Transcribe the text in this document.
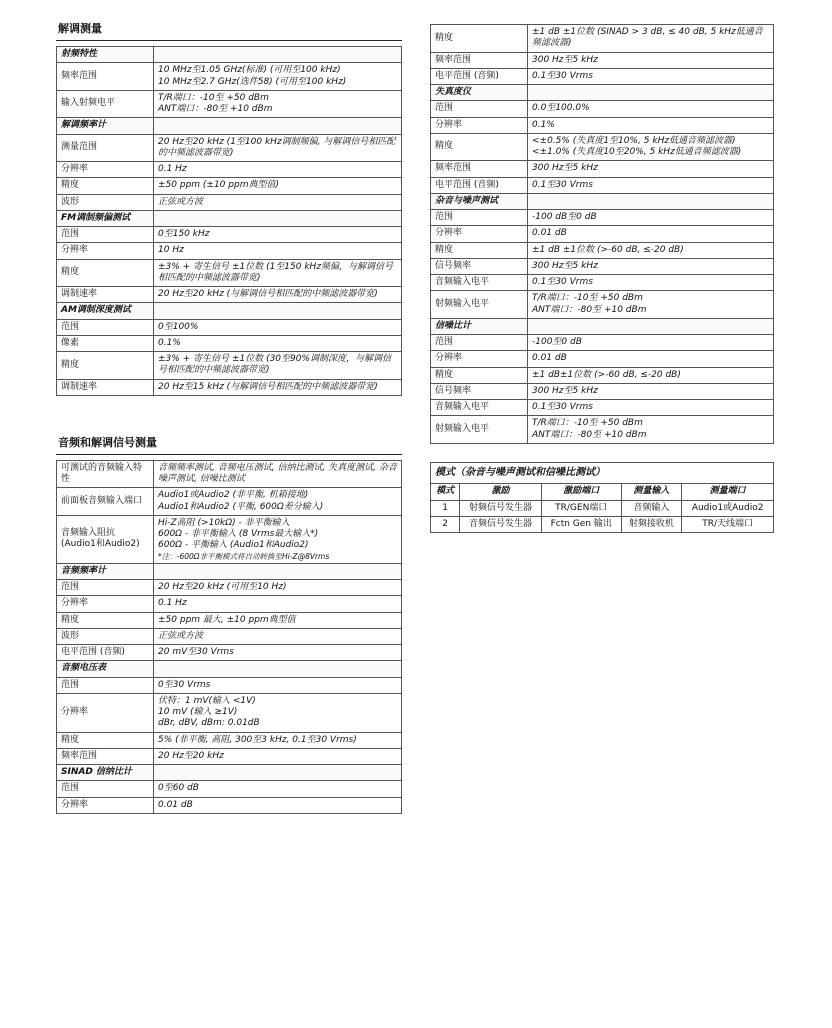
解调测量
射频特性	
频率范围	10 MHz至1.05 GHz(标准) (可用至100 kHz)
10 MHz至2.7 GHz(选件58) (可用至100 kHz)

输入射频电平	T/R端口：-10至 +50 dBm
ANT端口：-80至 +10 dBm

解调频率计	
测量范围	20 Hz至20 kHz (1至100 kHz调制频偏, 与解调信号相匹配的中频滤波器带宽)

分辨率	0.1 Hz

精度	±50 ppm (±10 ppm典型值)

波形	正弦或方波

FM调制频偏测试	
范围	0至150 kHz

分辨率	10 Hz

精度	±3% + 寄生信号 ±1位数 (1至150 kHz频偏，与解调信号相匹配的中频滤波器带宽)

调制速率	20 Hz至20 kHz (与解调信号相匹配的中频滤波器带宽)

AM调制深度测试	
范围	0至100%

像素	0.1%

精度	±3% + 寄生信号 ±1位数 (30至90%调制深度，与解调信号相匹配的中频滤波器带宽)

调制速率	20 Hz至15 kHz (与解调信号相匹配的中频滤波器带宽)
音频和解调信号测量
可测试的音频输入特性	音频频率测试, 音频电压测试, 信纳比测试, 失真度测试, 杂音噪声测试, 信噪比测试

前面板音频输入端口	Audio1或Audio2 (非平衡, 机箱接地)
Audio1和Audio2 (平衡, 600Ω差分输入)

音频输入阻抗 (Audio1和Audio2)	Hi-Z高阻 (>10kΩ) - 非平衡输入
600Ω - 非平衡输入 (8 Vrms最大输入*)
600Ω - 平衡输入 (Audio1和Audio2)
*注：-600Ω非平衡模式将自动转换至Hi-Z@8Vrms

音频频率计	
范围	20 Hz至20 kHz (可用至10 Hz)

分辨率	0.1 Hz

精度	±50 ppm 最大, ±10 ppm典型值

波形	正弦或方波

电平范围 (音频)	20 mV至30 Vrms

音频电压表	
范围	0至30 Vrms

分辨率	伏特：1 mV(输入 <1V)
10 mV (输入 ≥1V)
dBr, dBV, dBm: 0.01dB

精度	5% (非平衡, 高阻, 300至3 kHz, 0.1至30 Vrms)

频率范围	20 Hz至20 kHz

SINAD 信纳比计	
范围	0至60 dB

分辨率	0.01 dB
精度	±1 dB ±1位数 (SINAD > 3 dB, ≤ 40 dB, 5 kHz低通音频滤波器)

频率范围	300 Hz至5 kHz

电平范围 (音频)	0.1至30 Vrms

失真度仪	
范围	0.0至100.0%

分辨率	0.1%

精度	<±0.5% (失真度1至10%, 5 kHz低通音频滤波器)
<±1.0% (失真度10至20%, 5 kHz低通音频滤波器)

频率范围	300 Hz至5 kHz

电平范围 (音频)	0.1至30 Vrms

杂音与噪声测试	
范围	-100 dB至0 dB

分辨率	0.01 dB

精度	±1 dB ±1位数 (>-60 dB, ≤-20 dB)

信号频率	300 Hz至5 kHz

音频输入电平	0.1至30 Vrms

射频输入电平	T/R端口：-10至 +50 dBm
ANT端口：-80至 +10 dBm

信噪比计	
范围	-100至0 dB

分辨率	0.01 dB

精度	±1 dB±1位数 (>-60 dB, ≤-20 dB)

信号频率	300 Hz至5 kHz

音频输入电平	0.1至30 Vrms

射频输入电平	T/R端口：-10至 +50 dBm
ANT端口：-80至 +10 dBm
模式（杂音与噪声测试和信噪比测试）				
模式	激励	激励端口	测量输入	测量端口
1	射频信号发生器	TR/GEN端口	音频输入	Audio1或Audio2
2	音频信号发生器	Fctn Gen 输出	射频接收机	TR/天线端口
